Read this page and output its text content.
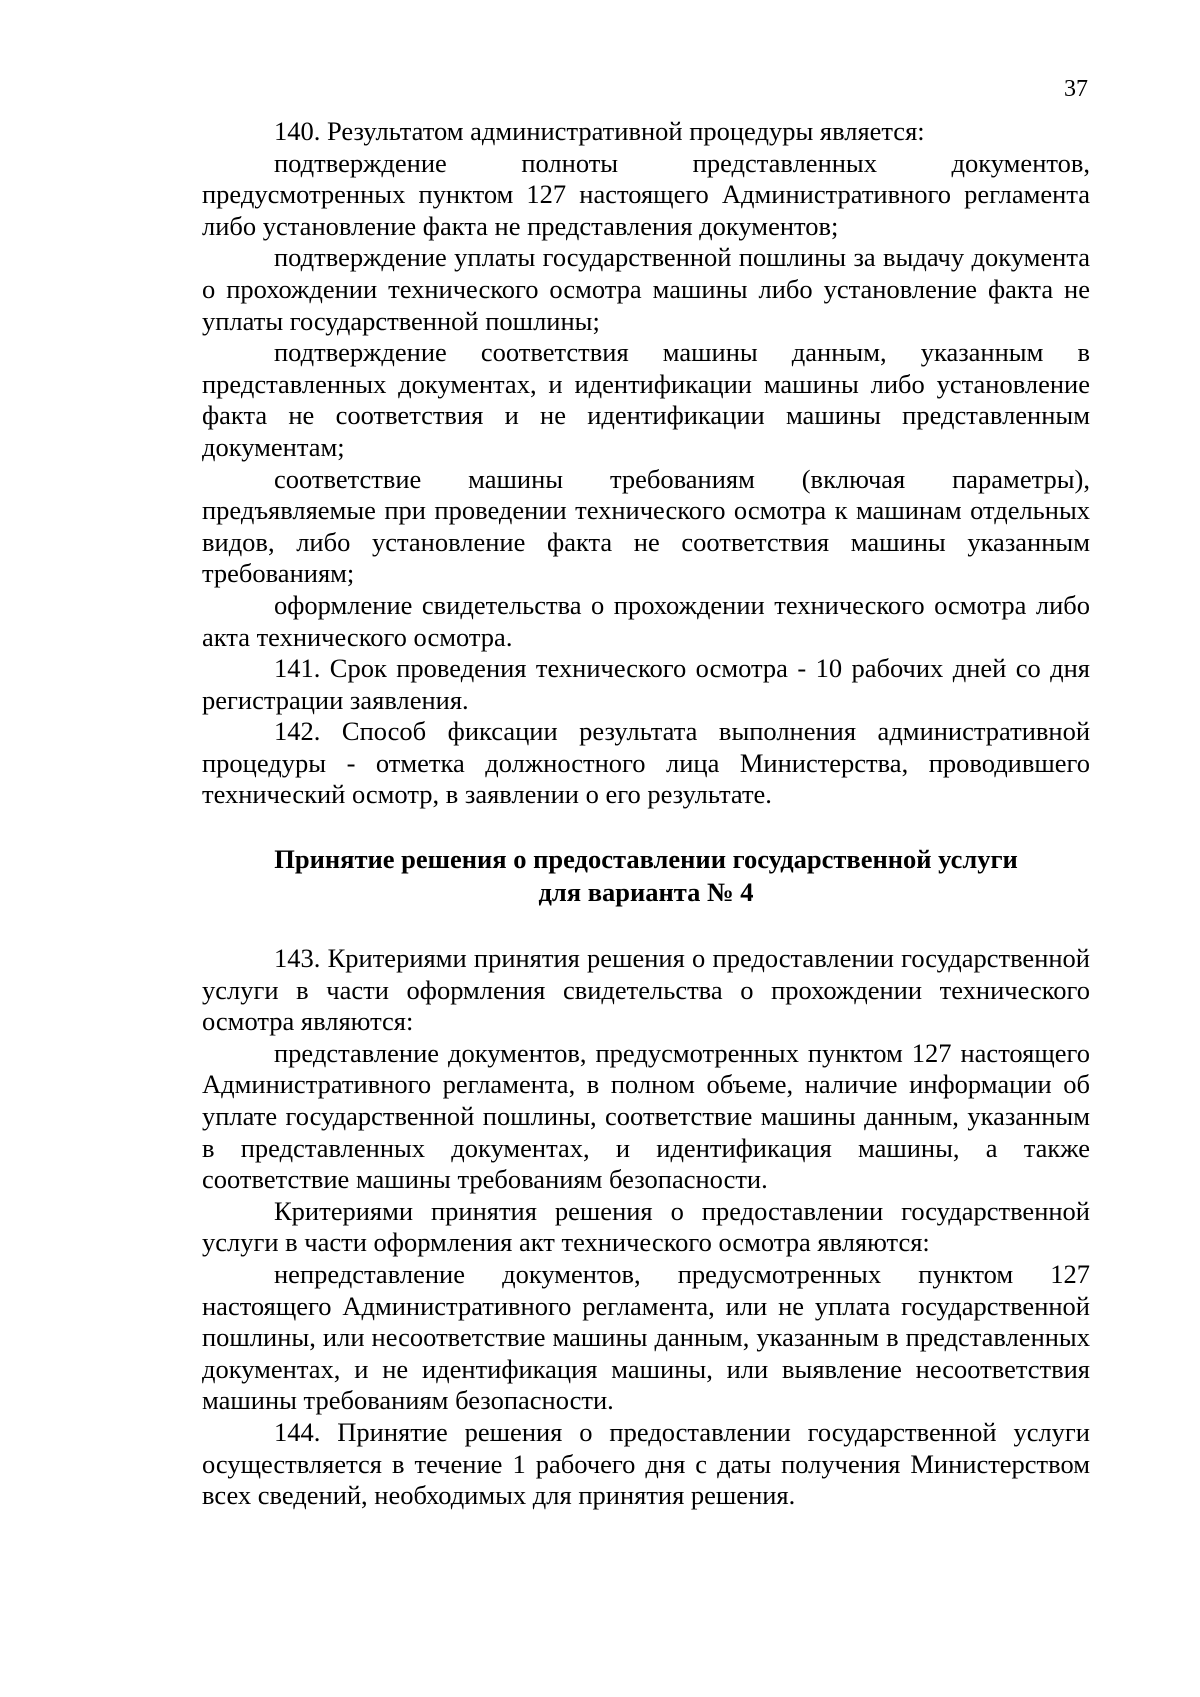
37

140. Результатом административной процедуры является:

подтверждение полноты представленных документов, предусмотренных пунктом 127 настоящего Административного регламента либо установление факта не представления документов;

подтверждение уплаты государственной пошлины за выдачу документа о прохождении технического осмотра машины либо установление факта не уплаты государственной пошлины;

подтверждение соответствия машины данным, указанным в представленных документах, и идентификации машины либо установление факта не соответствия и не идентификации машины представленным документам;

соответствие машины требованиям (включая параметры), предъявляемые при проведении технического осмотра к машинам отдельных видов, либо установление факта не соответствия машины указанным требованиям;

оформление свидетельства о прохождении технического осмотра либо акта технического осмотра.

141. Срок проведения технического осмотра - 10 рабочих дней со дня регистрации заявления.

142. Способ фиксации результата выполнения административной процедуры - отметка должностного лица Министерства, проводившего технический осмотр, в заявлении о его результате.

Принятие решения о предоставлении государственной услуги
для варианта № 4

143. Критериями принятия решения о предоставлении государственной услуги в части оформления свидетельства о прохождении технического осмотра являются:

представление документов, предусмотренных пунктом 127 настоящего Административного регламента, в полном объеме, наличие информации об уплате государственной пошлины, соответствие машины данным, указанным в представленных документах, и идентификация машины, а также соответствие машины требованиям безопасности.

Критериями принятия решения о предоставлении государственной услуги в части оформления акт технического осмотра являются:

непредставление документов, предусмотренных пунктом 127 настоящего Административного регламента, или не уплата государственной пошлины, или несоответствие машины данным, указанным в представленных документах, и не идентификация машины, или выявление несоответствия машины требованиям безопасности.

144. Принятие решения о предоставлении государственной услуги осуществляется в течение 1 рабочего дня с даты получения Министерством всех сведений, необходимых для принятия решения.
